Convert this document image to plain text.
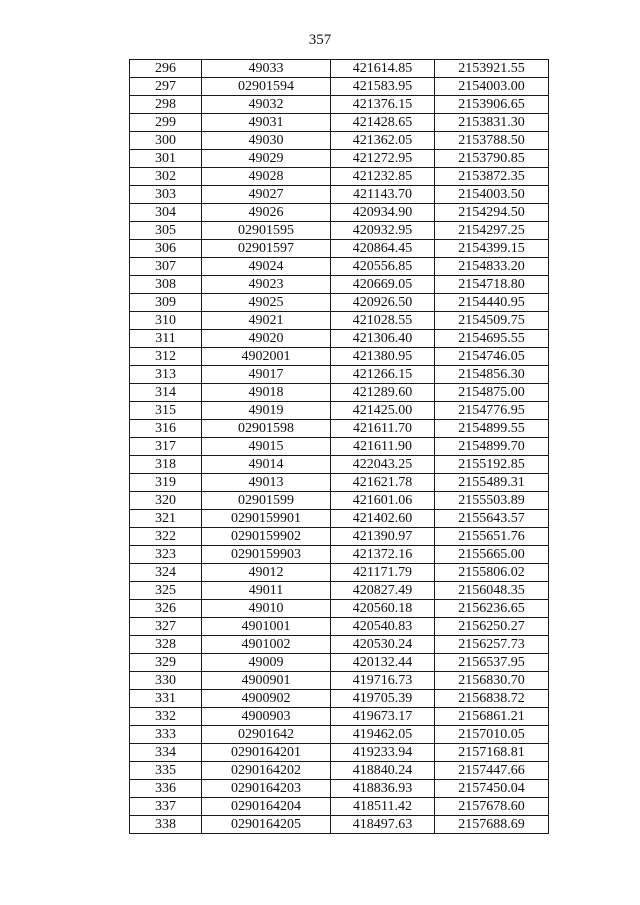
357
296	49033	421614.85	2153921.55
297	02901594	421583.95	2154003.00
298	49032	421376.15	2153906.65
299	49031	421428.65	2153831.30
300	49030	421362.05	2153788.50
301	49029	421272.95	2153790.85
302	49028	421232.85	2153872.35
303	49027	421143.70	2154003.50
304	49026	420934.90	2154294.50
305	02901595	420932.95	2154297.25
306	02901597	420864.45	2154399.15
307	49024	420556.85	2154833.20
308	49023	420669.05	2154718.80
309	49025	420926.50	2154440.95
310	49021	421028.55	2154509.75
311	49020	421306.40	2154695.55
312	4902001	421380.95	2154746.05
313	49017	421266.15	2154856.30
314	49018	421289.60	2154875.00
315	49019	421425.00	2154776.95
316	02901598	421611.70	2154899.55
317	49015	421611.90	2154899.70
318	49014	422043.25	2155192.85
319	49013	421621.78	2155489.31
320	02901599	421601.06	2155503.89
321	0290159901	421402.60	2155643.57
322	0290159902	421390.97	2155651.76
323	0290159903	421372.16	2155665.00
324	49012	421171.79	2155806.02
325	49011	420827.49	2156048.35
326	49010	420560.18	2156236.65
327	4901001	420540.83	2156250.27
328	4901002	420530.24	2156257.73
329	49009	420132.44	2156537.95
330	4900901	419716.73	2156830.70
331	4900902	419705.39	2156838.72
332	4900903	419673.17	2156861.21
333	02901642	419462.05	2157010.05
334	0290164201	419233.94	2157168.81
335	0290164202	418840.24	2157447.66
336	0290164203	418836.93	2157450.04
337	0290164204	418511.42	2157678.60
338	0290164205	418497.63	2157688.69
